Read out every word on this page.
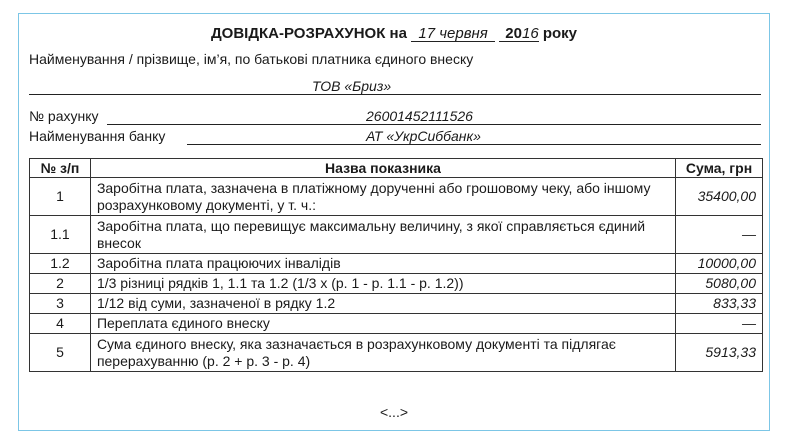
ДОВІДКА-РОЗРАХУНОК на 17 червня 2016 року
Найменування / прізвище, ім’я, по батькові платника єдиного внеску
ТОВ «Бриз»
№ рахунку	26001452111526
Найменування банку	АТ «УкрСиббанк»
№ з/п	Назва показника	Сума, грн
1	Заробітна плата, зазначена в платіжному дорученні або грошовому чеку, або іншому розрахунковому документі, у т. ч.:	35400,00
1.1	Заробітна плата, що перевищує максимальну величину, з якої справляється єдиний внесок	—
1.2	Заробітна плата працюючих інвалідів	10000,00
2	1/3 різниці рядків 1, 1.1 та 1.2 (1/3 х (р. 1 - р. 1.1 - р. 1.2))	5080,00
3	1/12 від суми, зазначеної в рядку 1.2	833,33
4	Переплата єдиного внеску	—
5	Сума єдиного внеску, яка зазначається в розрахунковому документі та підлягає перерахуванню (р. 2 + р. 3 - р. 4)	5913,33
<...>
